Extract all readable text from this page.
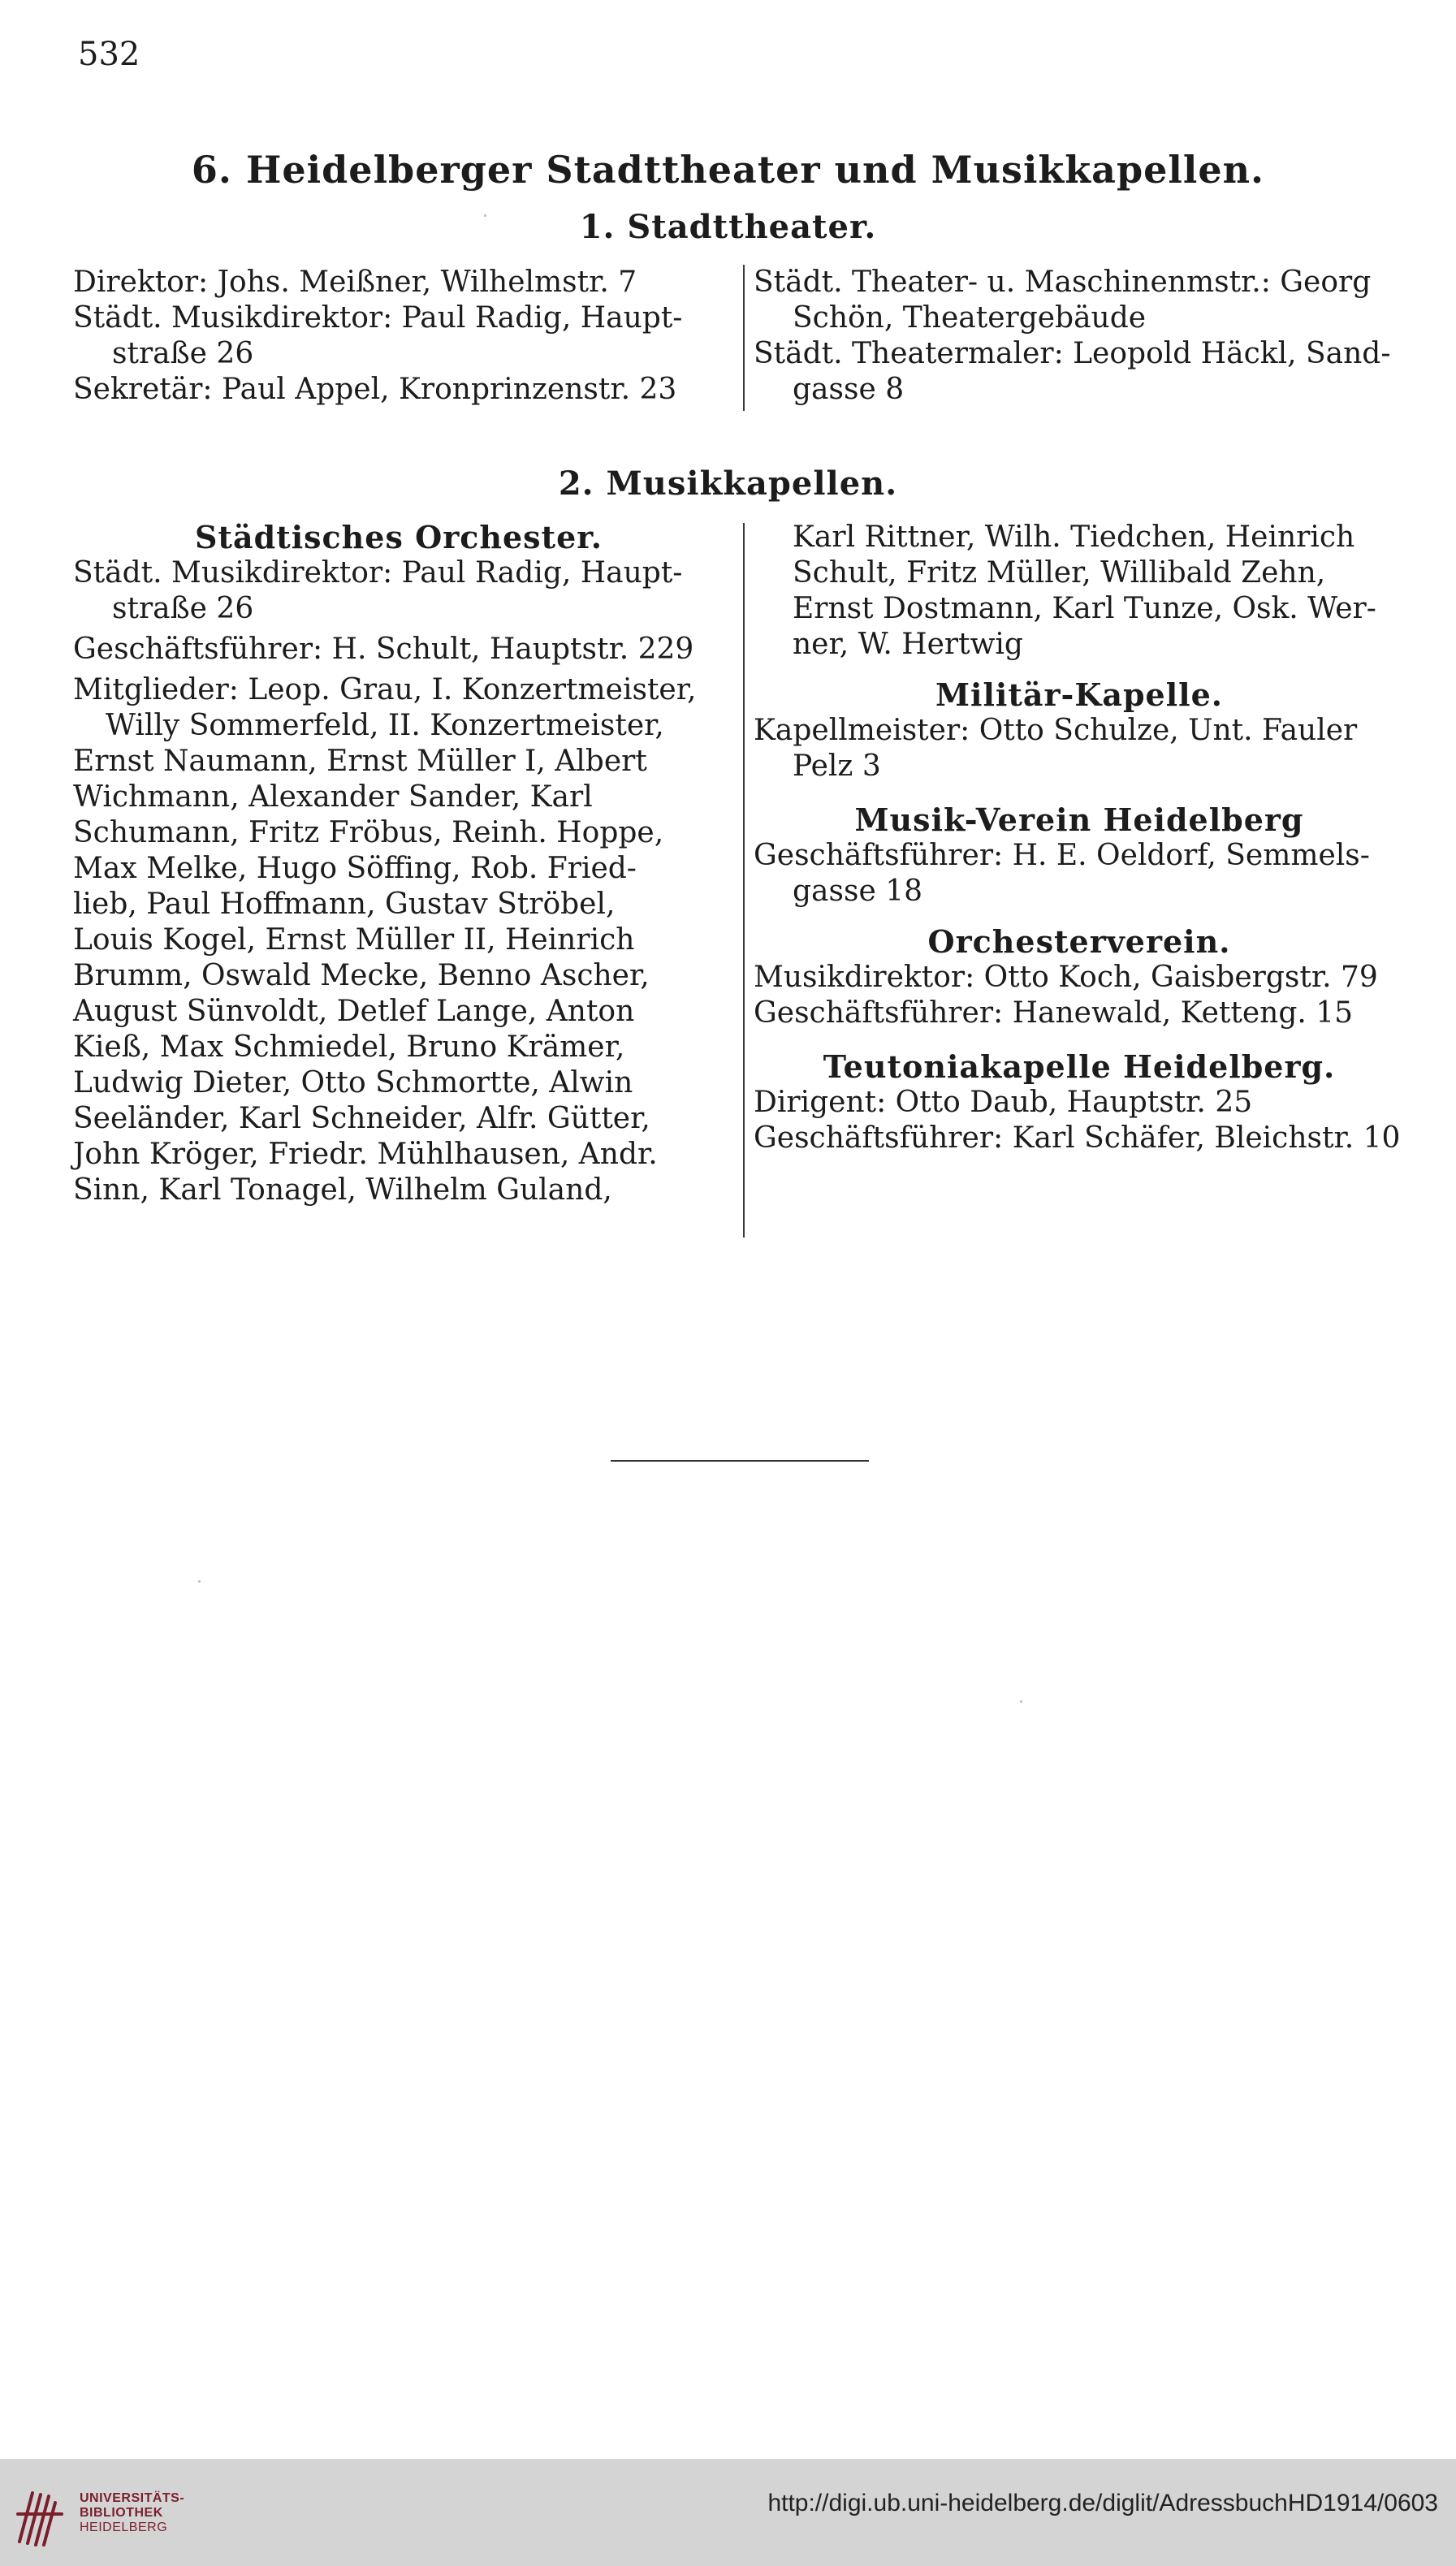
532
6. Heidelberger Stadttheater und Musikkapellen.
1. Stadttheater.

Direktor: Johs. Meißner, Wilhelmstr. 7

Städt. Musikdirektor: Paul Radig, Haupt-
straße 26

Sekretär: Paul Appel, Kronprinzenstr. 23

Städt. Theater- u. Maschinenmstr.: Georg
Schön, Theatergebäude

Städt. Theatermaler: Leopold Häckl, Sand-
gasse 8

2. Musikkapellen.

Städtisches Orchester.

Städt. Musikdirektor: Paul Radig, Haupt-
straße 26

Geschäftsführer: H. Schult, Hauptstr. 229

Mitglieder: Leop. Grau, I. Konzertmeister,

Willy Sommerfeld, II. Konzertmeister,

Ernst Naumann, Ernst Müller I, Albert

Wichmann, Alexander Sander, Karl

Schumann, Fritz Fröbus, Reinh. Hoppe,

Max Melke, Hugo Söffing, Rob. Fried-

lieb, Paul Hoffmann, Gustav Ströbel,

Louis Kogel, Ernst Müller II, Heinrich

Brumm, Oswald Mecke, Benno Ascher,

August Sünvoldt, Detlef Lange, Anton

Kieß, Max Schmiedel, Bruno Krämer,

Ludwig Dieter, Otto Schmortte, Alwin

Seeländer, Karl Schneider, Alfr. Gütter,

John Kröger, Friedr. Mühlhausen, Andr.

Sinn, Karl Tonagel, Wilhelm Guland,

Karl Rittner, Wilh. Tiedchen, Heinrich

Schult, Fritz Müller, Willibald Zehn,

Ernst Dostmann, Karl Tunze, Osk. Wer-

ner, W. Hertwig

Militär-Kapelle.

Kapellmeister: Otto Schulze, Unt. Fauler
Pelz 3

Musik-Verein Heidelberg

Geschäftsführer: H. E. Oeldorf, Semmels-
gasse 18

Orchesterverein.

Musikdirektor: Otto Koch, Gaisbergstr. 79

Geschäftsführer: Hanewald, Ketteng. 15

Teutoniakapelle Heidelberg.

Dirigent: Otto Daub, Hauptstr. 25

Geschäftsführer: Karl Schäfer, Bleichstr. 10

UNIVERSITÄTS-
BIBLIOTHEK
HEIDELBERG
http://digi.ub.uni-heidelberg.de/diglit/AdressbuchHD1914/0603
